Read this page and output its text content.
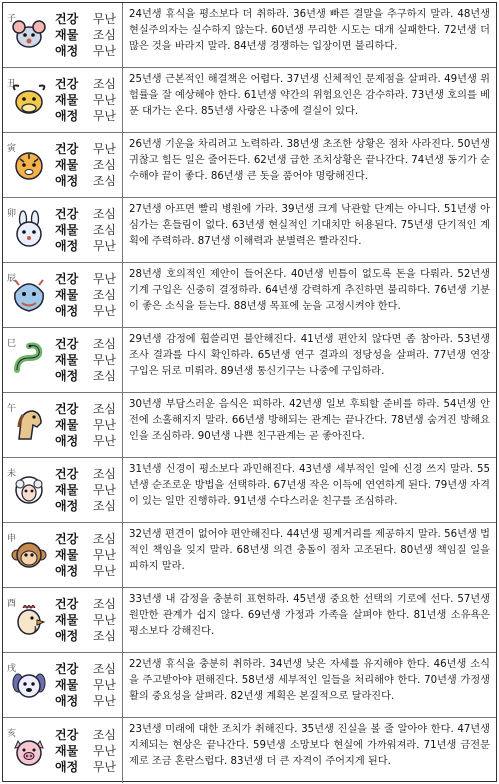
子	건강 무난
재물 조심
애정 무난
24년생 휴식을 평소보다 더 취하라. 36년생 빠른 결말을 추구하지 말라. 48년생 현실주의자는 실수하지 않는다. 60년생 무리한 시도는 대개 실패한다. 72년생 더 많은 것을 바라지 말라. 84년생 경쟁하는 입장이면 불리하다.
丑	건강 조심
재물 무난
애정 무난
25년생 근본적인 해결책은 어렵다. 37년생 신체적인 문제점을 살펴라. 49년생 위험률을 잘 예상해야 한다. 61년생 약간의 위험요인은 감수하라. 73년생 호의를 베푼 대가는 온다. 85년생 사랑은 나중에 결실이 있다.
寅	건강 무난
재물 조심
애정 조심
26년생 기운을 차리려고 노력하라. 38년생 초조한 상황은 점차 사라진다. 50년생 귀찮고 힘든 일은 줄어든다. 62년생 급한 조치상황은 끝나간다. 74년생 동기가 순수해야 끝이 좋다. 86년생 큰 돗을 품어야 명랑해진다.
卯	건강 조심
재물 조심
애정 무난
27년생 아프면 빨리 병원에 가라. 39년생 크게 낙관할 단계는 아니다. 51년생 아심가는 흔들림이 없다. 63년생 현실적인 기대치만 허용된다. 75년생 단기적인 계획에 주력하라. 87년생 이해력과 분별력은 빨라진다.
辰	건강 무난
재물 조심
애정 무난
28년생 호의적인 제안이 들어온다. 40년생 빈틈이 없도록 돈을 다뤄라. 52년생 기계 구입은 신중히 결정하라. 64년생 강력하게 추진하면 불리하다. 76년생 기분이 좋은 소식을 듣는다. 88년생 목표에 눈을 고정시켜야 한다.
巳	건강 조심
재물 무난
애정 조심
29년생 감정에 휩쓸리면 불안해진다. 41년생 편안치 않다면 좀 참아라. 53년생 조사 결과를 다시 확인하라. 65년생 연구 결과의 정당성을 살펴라. 77년생 연장 구입은 뒤로 미뤄라. 89년생 통신기구는 나중에 구입하라.
午	건강 조심
재물 무난
애정 무난
30년생 부담스러운 음식은 피하라. 42년생 일보 후퇴할 준비를 하라. 54년생 안전에 소홀해지지 말라. 66년생 방해되는 관계는 끝나간다. 78년생 숨겨진 방해요인을 조심하라. 90년생 나쁜 친구관계는 곧 좋아진다.
未	건강 조심
재물 무난
애정 조심
31년생 신경이 평소보다 과민해진다. 43년생 세부적인 일에 신경 쓰지 말라. 55년생 순조로운 방법을 선택하라. 67년생 작은 이득에 연연하게 된다. 79년생 자격이 있는 일만 진행하라. 91년생 수다스러운 친구를 조심하라.
申	건강 조심
재물 무난
애정 무난
32년생 편견이 없어야 편안해진다. 44년생 핑계거리를 제공하지 말라. 56년생 법적인 책임을 잊지 말라. 68년생 의견 충돌이 점차 고조된다. 80년생 책임질 일을 피하지 말라.
酉	건강 조심
재물 무난
애정 조심
33년생 내 감정을 충분히 표현하라. 45년생 중요한 선택의 기로에 선다. 57년생 원만한 관계가 쉽지 않다. 69년생 가정과 가족을 살펴야 한다. 81년생 소유욕은 평소보다 강해진다.
戌	건강 조심
재물 무난
애정 무난
22년생 휴식을 충분히 취하라. 34년생 낮은 자세를 유지해야 한다. 46년생 소식을 주고받아야 편해진다. 58년생 세부적인 일들을 처리해야 한다. 70년생 가정생활의 중요성을 살펴라. 82년생 계획은 본질적으로 달라진다.
亥	건강 조심
재물 무난
애정 무난
23년생 미래에 대한 조치가 취해진다. 35년생 진실을 볼 줄 알아야 한다. 47년생 지체되는 현상은 끝나간다. 59년생 소망보다 현실에 가까워져라. 71년생 금전문제로 조금 혼란스럽다. 83년생 더 큰 자격이 주어지게 된다.
